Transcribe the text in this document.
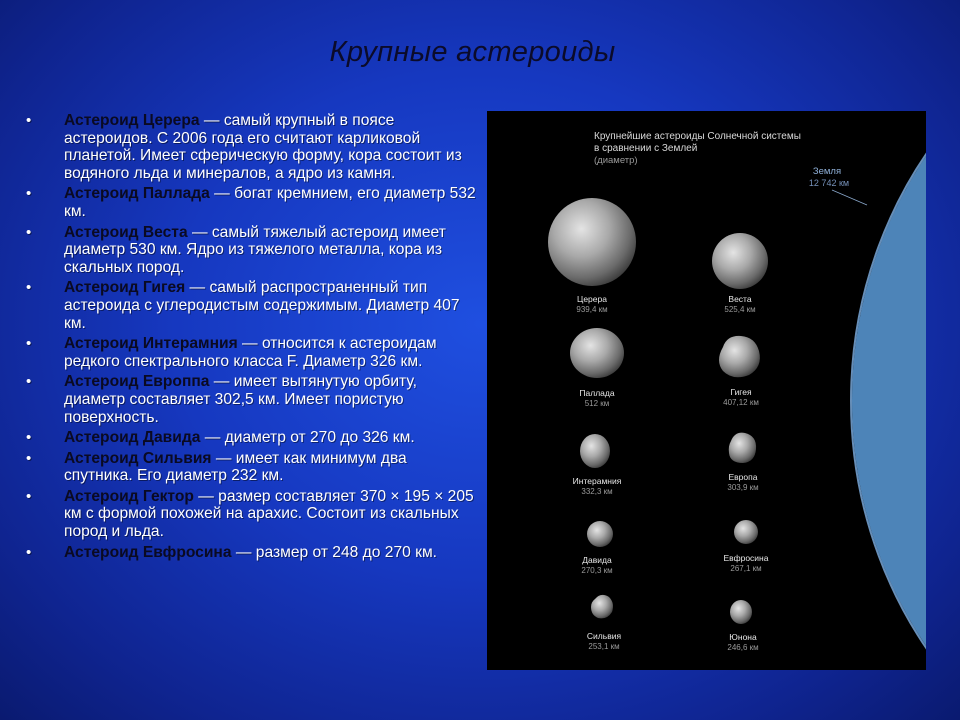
Крупные астероиды
• Астероид Церера — самый крупный в поясе астероидов. С 2006 года его считают карликовой планетой. Имеет сферическую форму, кора состоит из водяного льда и минералов, а ядро из камня.
• Астероид Паллада — богат кремнием, его диаметр 532 км.
• Астероид Веста — самый тяжелый астероид имеет диаметр 530 км. Ядро из тяжелого металла, кора из скальных пород.
• Астероид Гигея — самый распространенный тип астероида с углеродистым содержимым. Диаметр 407 км.
• Астероид Интерамния — относится к астероидам редкого спектрального класса F. Диаметр 326 км.
• Астероид Европпа — имеет вытянутую орбиту, диаметр составляет 302,5 км. Имеет пористую поверхность.
• Астероид Давида — диаметр от 270 до 326 км.
• Астероид Сильвия — имеет как минимум два спутника. Его диаметр 232 км.
• Астероид Гектор — размер составляет 370 × 195 × 205 км с формой похожей на арахис. Состоит из скальных пород и льда.
• Астероид Евфросина — размер от 248 до 270 км.
Крупнейшие астероиды Солнечной системы
в сравнении с Землей
(диаметр)
Земля
12 742 км
Церера
939,4 км
Веста
525,4 км
Паллада
512 км
Гигея
407,12 км
Интерамния
332,3 км
Европа
303,9 км
Давида
270,3 км
Евфросина
267,1 км
Сильвия
253,1 км
Юнона
246,6 км
